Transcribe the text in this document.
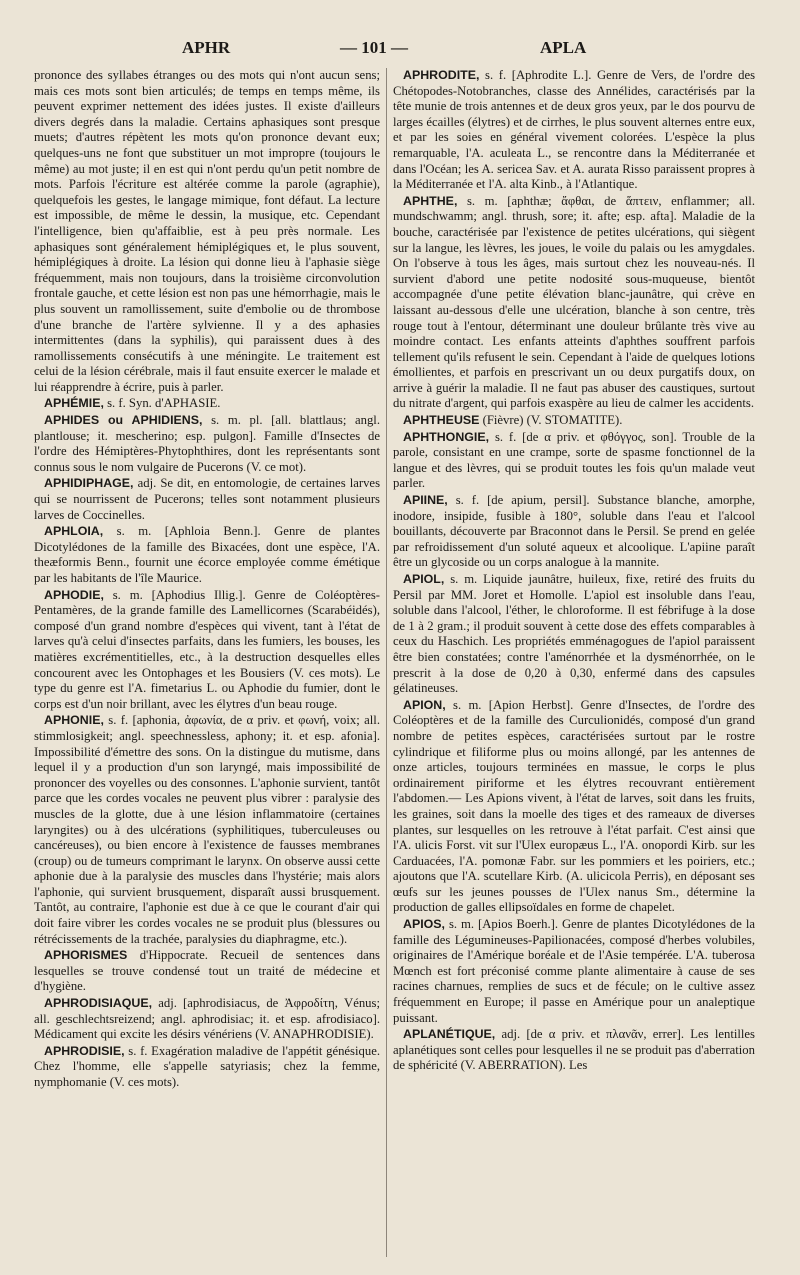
APHR	— 101 —	APLA

prononce des syllabes étranges ou des mots qui n'ont aucun sens; mais ces mots sont bien articulés; de temps en temps même, ils peuvent exprimer nettement des idées justes. Il existe d'ailleurs divers degrés dans la maladie. Certains aphasiques sont presque muets; d'autres répètent les mots qu'on prononce devant eux; quelques-uns ne font que substituer un mot impropre (toujours le même) au mot juste; il en est qui n'ont perdu qu'un petit nombre de mots. Parfois l'écriture est altérée comme la parole (agraphie), quelquefois les gestes, le langage mimique, font défaut. La lecture est impossible, de même le dessin, la musique, etc. Cependant l'intelligence, bien qu'affaiblie, est à peu près normale. Les aphasiques sont généralement hémiplégiques et, le plus souvent, hémiplégiques à droite. La lésion qui donne lieu à l'aphasie siège fréquemment, mais non toujours, dans la troisième circonvolution frontale gauche, et cette lésion est non pas une hémorrhagie, mais le plus souvent un ramollissement, suite d'embolie ou de thrombose d'une branche de l'artère sylvienne. Il y a des aphasies intermittentes (dans la syphilis), qui paraissent dues à des ramollissements consécutifs à une méningite. Le traitement est celui de la lésion cérébrale, mais il faut ensuite exercer le malade et lui réapprendre à écrire, puis à parler.

APHÉMIE, s. f. Syn. d'APHASIE.

APHIDES ou APHIDIENS, s. m. pl. [all. blattlaus; angl. plantlouse; it. mescherino; esp. pulgon]. Famille d'Insectes de l'ordre des Hémiptères-Phytophthires, dont les représentants sont connus sous le nom vulgaire de Pucerons (V. ce mot).

APHIDIPHAGE, adj. Se dit, en entomologie, de certaines larves qui se nourrissent de Pucerons; telles sont notamment plusieurs larves de Coccinelles.

APHLOIA, s. m. [Aphloia Benn.]. Genre de plantes Dicotylédones de la famille des Bixacées, dont une espèce, l'A. theæformis Benn., fournit une écorce employée comme émétique par les habitants de l'île Maurice.

APHODIE, s. m. [Aphodius Illig.]. Genre de Coléoptères-Pentamères, de la grande famille des Lamellicornes (Scarabéidés), composé d'un grand nombre d'espèces qui vivent, tant à l'état de larves qu'à celui d'insectes parfaits, dans les fumiers, les bouses, les matières excrémentitielles, etc., à la destruction desquelles elles concourent avec les Ontophages et les Bousiers (V. ces mots). Le type du genre est l'A. fimetarius L. ou Aphodie du fumier, dont le corps est d'un noir brillant, avec les élytres d'un beau rouge.

APHONIE, s. f. [aphonia, ἀφωνία, de α priv. et φωνή, voix; all. stimmlosigkeit; angl. speechnessless, aphony; it. et esp. afonia]. Impossibilité d'émettre des sons. On la distingue du mutisme, dans lequel il y a production d'un son laryngé, mais impossibilité de prononcer des voyelles ou des consonnes. L'aphonie survient, tantôt parce que les cordes vocales ne peuvent plus vibrer : paralysie des muscles de la glotte, due à une lésion inflammatoire (certaines laryngites) ou à des ulcérations (syphilitiques, tuberculeuses ou cancéreuses), ou bien encore à l'existence de fausses membranes (croup) ou de tumeurs comprimant le larynx. On observe aussi cette aphonie due à la paralysie des muscles dans l'hystérie; mais alors l'aphonie, qui survient brusquement, disparaît aussi brusquement. Tantôt, au contraire, l'aphonie est due à ce que le courant d'air qui doit faire vibrer les cordes vocales ne se produit plus (blessures ou rétrécissements de la trachée, paralysies du diaphragme, etc.).

APHORISMES d'Hippocrate. Recueil de sentences dans lesquelles se trouve condensé tout un traité de médecine et d'hygiène.

APHRODISIAQUE, adj. [aphrodisiacus, de Ἀφροδίτη, Vénus; all. geschlechtsreizend; angl. aphrodisiac; it. et esp. afrodisiaco]. Médicament qui excite les désirs vénériens (V. ANAPHRODISIE).

APHRODISIE, s. f. Exagération maladive de l'appétit génésique. Chez l'homme, elle s'appelle satyriasis; chez la femme, nymphomanie (V. ces mots).

APHRODITE, s. f. [Aphrodite L.]. Genre de Vers, de l'ordre des Chétopodes-Notobranches, classe des Annélides, caractérisés par la tête munie de trois antennes et de deux gros yeux, par le dos pourvu de larges écailles (élytres) et de cirrhes, le plus souvent alternes entre eux, et par les soies en général vivement colorées. L'espèce la plus remarquable, l'A. aculeata L., se rencontre dans la Méditerranée et dans l'Océan; les A. sericea Sav. et A. aurata Risso paraissent propres à la Méditerranée et l'A. alta Kinb., à l'Atlantique.

APHTHE, s. m. [aphthæ; ἄφθαι, de ἅπτειν, enflammer; all. mundschwamm; angl. thrush, sore; it. afte; esp. afta]. Maladie de la bouche, caractérisée par l'existence de petites ulcérations, qui siègent sur la langue, les lèvres, les joues, le voile du palais ou les amygdales. On l'observe à tous les âges, mais surtout chez les nouveau-nés. Il survient d'abord une petite nodosité sous-muqueuse, bientôt accompagnée d'une petite élévation blanc-jaunâtre, qui crève en laissant au-dessous d'elle une ulcération, blanche à son centre, très rouge tout à l'entour, déterminant une douleur brûlante très vive au moindre contact. Les enfants atteints d'aphthes souffrent parfois tellement qu'ils refusent le sein. Cependant à l'aide de quelques lotions émollientes, et parfois en prescrivant un ou deux purgatifs doux, on arrive à guérir la maladie. Il ne faut pas abuser des caustiques, surtout du nitrate d'argent, qui parfois exaspère au lieu de calmer les accidents.

APHTHEUSE (Fièvre) (V. STOMATITE).

APHTHONGIE, s. f. [de α priv. et φθόγγος, son]. Trouble de la parole, consistant en une crampe, sorte de spasme fonctionnel de la langue et des lèvres, qui se produit toutes les fois qu'un malade veut parler.

APIINE, s. f. [de apium, persil]. Substance blanche, amorphe, inodore, insipide, fusible à 180°, soluble dans l'eau et l'alcool bouillants, découverte par Braconnot dans le Persil. Se prend en gelée par refroidissement d'un soluté aqueux et alcoolique. L'apiine paraît être un glycoside ou un corps analogue à la mannite.

APIOL, s. m. Liquide jaunâtre, huileux, fixe, retiré des fruits du Persil par MM. Joret et Homolle. L'apiol est insoluble dans l'eau, soluble dans l'alcool, l'éther, le chloroforme. Il est fébrifuge à la dose de 1 à 2 gram.; il produit souvent à cette dose des effets comparables à ceux du Haschich. Les propriétés emménagogues de l'apiol paraissent être bien constatées; contre l'aménorrhée et la dysménorrhée, on le prescrit à la dose de 0,20 à 0,30, enfermé dans des capsules gélatineuses.

APION, s. m. [Apion Herbst]. Genre d'Insectes, de l'ordre des Coléoptères et de la famille des Curculionidés, composé d'un grand nombre de petites espèces, caractérisées surtout par le rostre cylindrique et filiforme plus ou moins allongé, par les antennes de onze articles, toujours terminées en massue, le corps le plus ordinairement piriforme et les élytres recouvrant entièrement l'abdomen.— Les Apions vivent, à l'état de larves, soit dans les fruits, les graines, soit dans la moelle des tiges et des rameaux de diverses plantes, sur lesquelles on les retrouve à l'état parfait. C'est ainsi que l'A. ulicis Forst. vit sur l'Ulex europæus L., l'A. onopordi Kirb. sur les Carduacées, l'A. pomonæ Fabr. sur les pommiers et les poiriers, etc.; ajoutons que l'A. scutellare Kirb. (A. ulicicola Perris), en déposant ses œufs sur les jeunes pousses de l'Ulex nanus Sm., détermine la production de galles ellipsoïdales en forme de chapelet.

APIOS, s. m. [Apios Boerh.]. Genre de plantes Dicotylédones de la famille des Légumineuses-Papilionacées, composé d'herbes volubiles, originaires de l'Amérique boréale et de l'Asie tempérée. L'A. tuberosa Mœnch est fort préconisé comme plante alimentaire à cause de ses racines charnues, remplies de sucs et de fécule; on le cultive assez fréquemment en Europe; il passe en Amérique pour un analeptique puissant.

APLANÉTIQUE, adj. [de α priv. et πλανᾶν, errer]. Les lentilles aplanétiques sont celles pour lesquelles il ne se produit pas d'aberration de sphéricité (V. ABERRATION). Les
